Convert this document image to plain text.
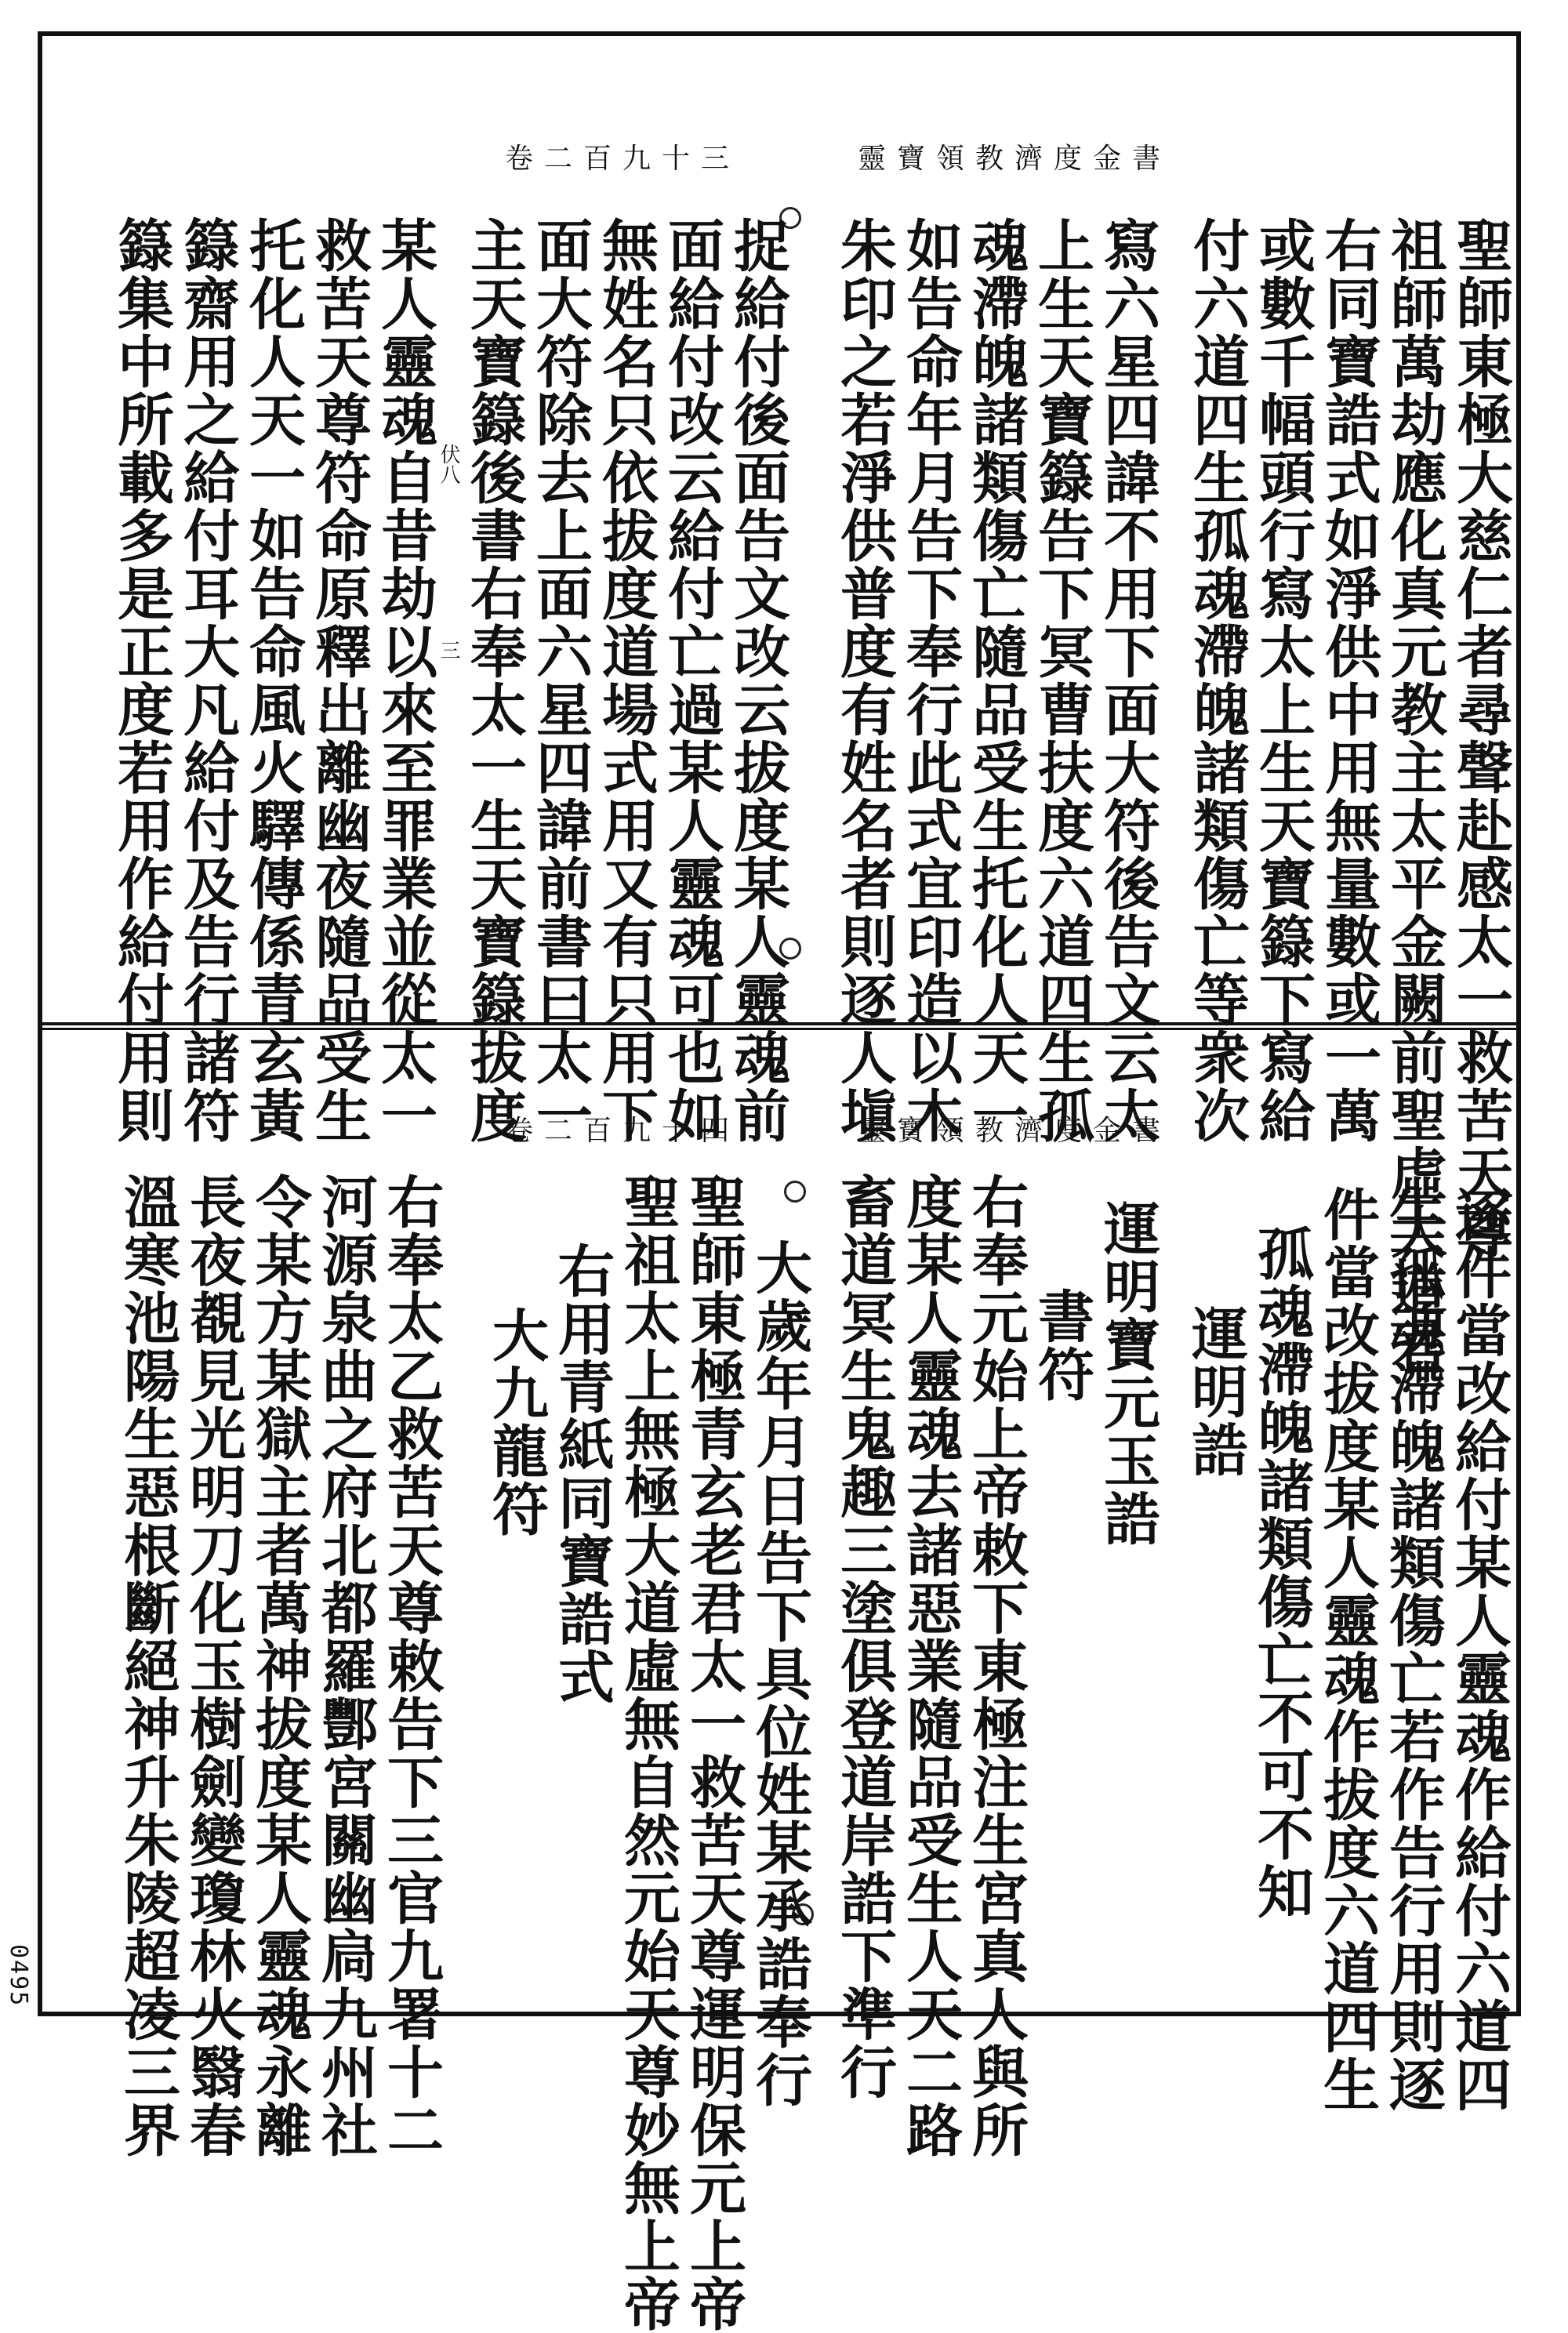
靈寶領教濟度金書
卷二百九十三
聖師東極大慈仁者尋聲赴感太一救苦天尊
祖師萬劫應化真元教主太平金闕前聖虛大道君
右同寶誥式如淨供中用無量數或一萬
或數千幅頭行寫太上生天寶籙下寫給
付六道四生孤魂滯魄諸類傷亡等衆次
寫六星四諱不用下面大符後告文云太
上生天寶籙告下冥曹扶度六道四生孤
魂滯魄諸類傷亡隨品受生托化人天一
如告命年月告下奉行此式宜印造以木
朱印之若淨供普度有姓名者則逐人塡
捉給付後面告文改云拔度某人靈魂前
面給付改云給付亡過某人靈魂可也如
無姓名只依拔度道場式用又有只用下
面大符除去上面六星四諱前書曰太一
主天寶籙後書右奉太一生天寶籙拔度
某人靈魂自昔劫以來至罪業並從太一
救苦天尊符命原釋出離幽夜隨品受生
托化人天一如告命風火驛傳係青玄黃
籙齋用之給付耳大凡給付及告行諸符
籙集中所載多是正度若用作給付用則	伏八
三
靈寶領教濟度金書
卷二百九十四
逐件當改給付某人靈魂作給付六道四
生孤魂滯魄諸類傷亡若作告行用則逐
件當改拔度某人靈魂作拔度六道四生
孤魂滯魄諸類傷亡不可不知
運明誥
運明寶元玉誥
書符
右奉元始上帝敕下東極注生宮真人與所
度某人靈魂去諸惡業隨品受生人天二路
畜道冥生鬼趣三塗俱登道岸誥下準行
大歲年月日告下具位姓某承誥奉行
聖師東極青玄老君太一救苦天尊運明保元上帝
聖祖太上無極大道虛無自然元始天尊妙無上帝
右用青紙同寶誥式
大九龍符
右奉太乙救苦天尊敕告下三官九署十二
河源泉曲之府北都羅酆宮關幽扃九州社
令某方某獄主者萬神拔度某人靈魂永離
長夜覩見光明刀化玉樹劍變瓊林火翳春
溫寒池陽生惡根斷絕神升朱陵超凌三界
0495
